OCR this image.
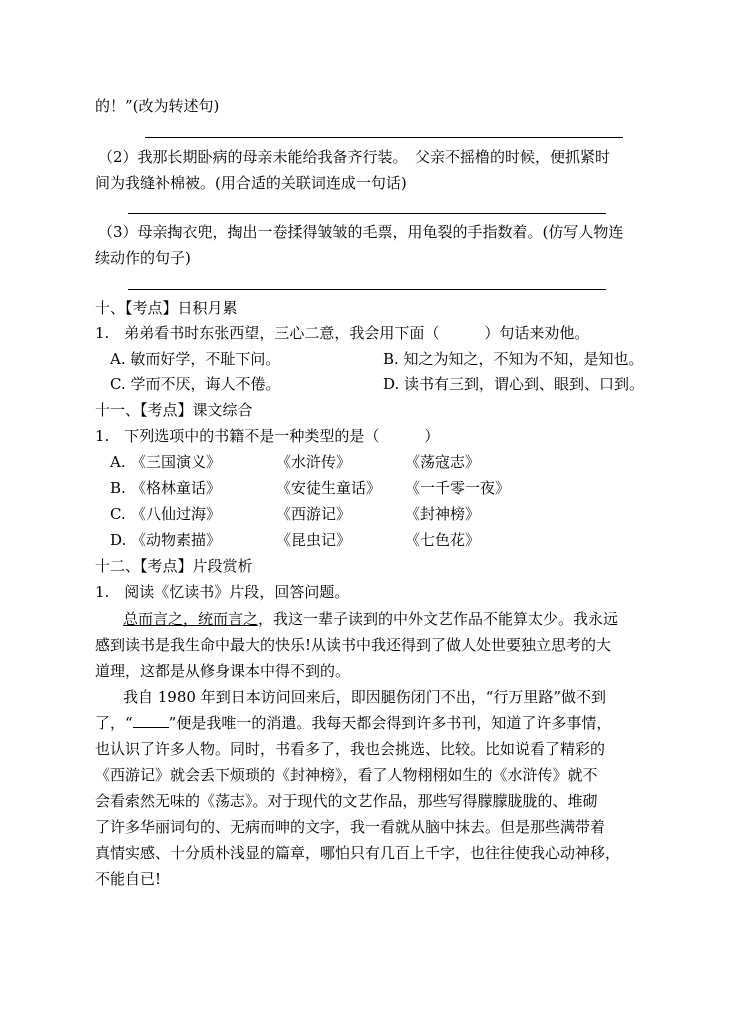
的！”(改为转述句)
（2）我那长期卧病的母亲未能给我备齐行装。　父亲不摇橹的时候，便抓紧时
间为我缝补棉被。(用合适的关联词连成一句话)
（3）母亲掏衣兜，掏出一卷揉得皱皱的毛票，用龟裂的手指数着。(仿写人物连
续动作的句子)
十、【考点】日积月累
1.　弟弟看书时东张西望，三心二意，我会用下面（　　　）句话来劝他。
A. 敏而好学，不耻下问。	B. 知之为知之，不知为不知，是知也。
C. 学而不厌，诲人不倦。	D. 读书有三到，谓心到、眼到、口到。
十一、【考点】课文综合
1.　下列选项中的书籍不是一种类型的是（　　　）
A. 《三国演义》	《水浒传》	《荡寇志》
B. 《格林童话》	《安徒生童话》 《一千零一夜》
C. 《八仙过海》	《西游记》	《封神榜》
D. 《动物素描》	《昆虫记》	《七色花》
十二、【考点】片段赏析
1.　阅读《忆读书》片段，回答问题。
总而言之，统而言之，我这一辈子读到的中外文艺作品不能算太少。我永远
感到读书是我生命中最大的快乐!从读书中我还得到了做人处世要独立思考的大
道理，这都是从修身课本中得不到的。
我自 1980 年到日本访问回来后，即因腿伤闭门不出，“行万里路”做不到
了，“ ”便是我唯一的消遣。我每天都会得到许多书刊，知道了许多事情，
也认识了许多人物。同时，书看多了，我也会挑选、比较。比如说看了精彩的
《西游记》就会丢下烦琐的《封神榜》，看了人物栩栩如生的《水浒传》就不
会看索然无味的《荡志》。对于现代的文艺作品，那些写得朦朦胧胧的、堆砌
了许多华丽词句的、无病而呻的文字，我一看就从脑中抹去。但是那些满带着
真情实感、十分质朴浅显的篇章，哪怕只有几百上千字，也往往使我心动神移，
不能自已!
